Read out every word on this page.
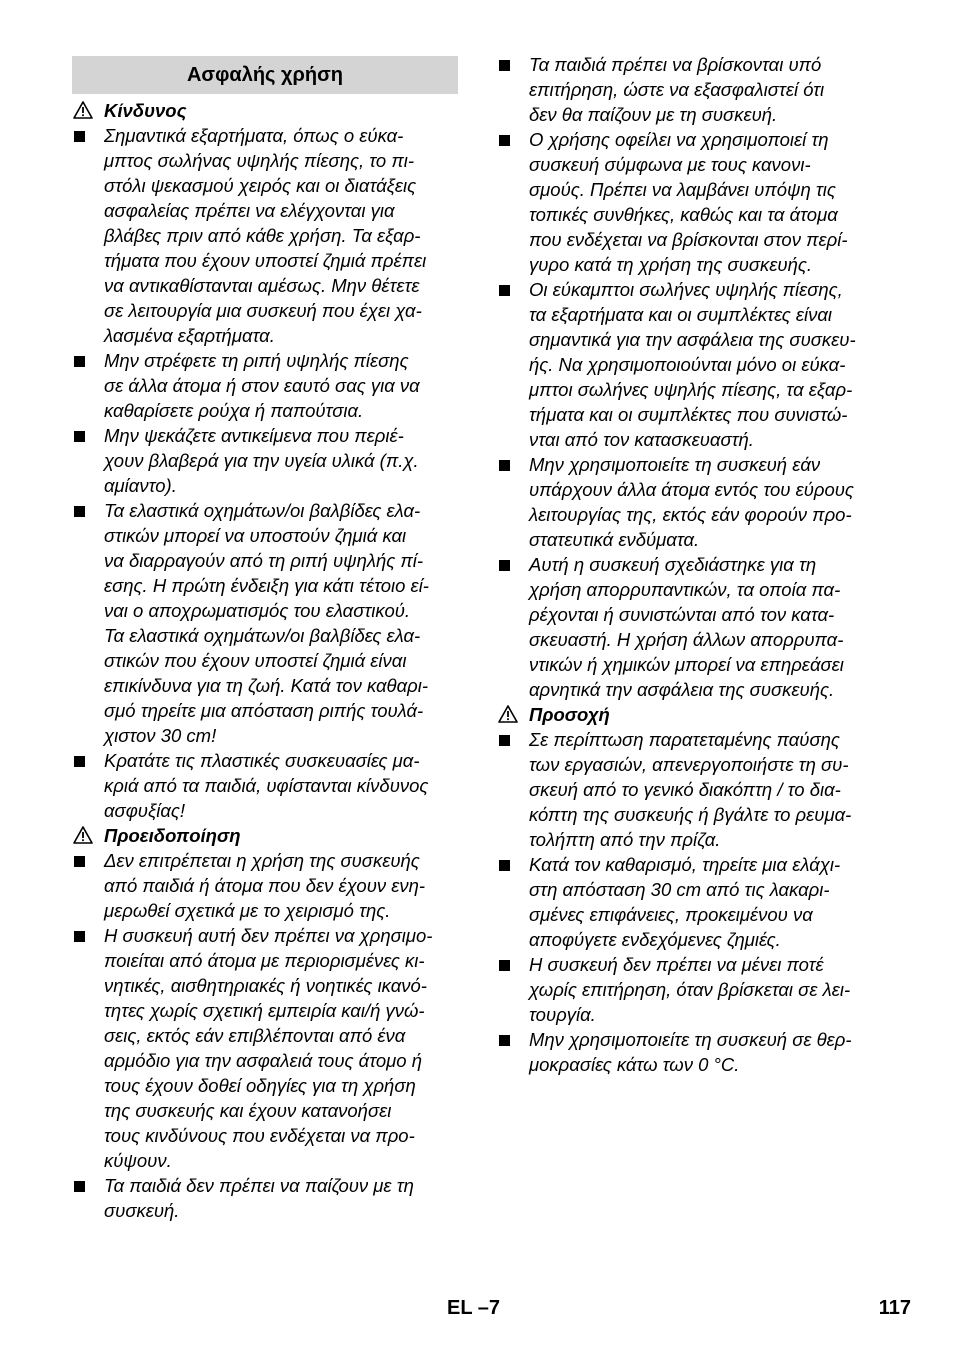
Ασφαλής χρήση
Κίνδυνος
Σημαντικά εξαρτήματα, όπως ο εύκα-
μπτος σωλήνας υψηλής πίεσης, το πι-
στόλι ψεκασμού χειρός και οι διατάξεις
ασφαλείας πρέπει να ελέγχονται για
βλάβες πριν από κάθε χρήση. Τα εξαρ-
τήματα που έχουν υποστεί ζημιά πρέπει
να αντικαθίστανται αμέσως. Μην θέτετε
σε λειτουργία μια συσκευή που έχει χα-
λασμένα εξαρτήματα.
Μην στρέφετε τη ριπή υψηλής πίεσης
σε άλλα άτομα ή στον εαυτό σας για να
καθαρίσετε ρούχα ή παπούτσια.
Μην ψεκάζετε αντικείμενα που περιέ-
χουν βλαβερά για την υγεία υλικά (π.χ.
αμίαντο).
Τα ελαστικά οχημάτων/οι βαλβίδες ελα-
στικών μπορεί να υποστούν ζημιά και
να διαρραγούν από τη ριπή υψηλής πί-
εσης. Η πρώτη ένδειξη για κάτι τέτοιο εί-
ναι ο αποχρωματισμός του ελαστικού.
Τα ελαστικά οχημάτων/οι βαλβίδες ελα-
στικών που έχουν υποστεί ζημιά είναι
επικίνδυνα για τη ζωή. Κατά τον καθαρι-
σμό τηρείτε μια απόσταση ριπής τουλά-
χιστον 30 cm!
Κρατάτε τις πλαστικές συσκευασίες μα-
κριά από τα παιδιά, υφίστανται κίνδυνος
ασφυξίας!
Προειδοποίηση
Δεν επιτρέπεται η χρήση της συσκευής
από παιδιά ή άτομα που δεν έχουν ενη-
μερωθεί σχετικά με το χειρισμό της.
Η συσκευή αυτή δεν πρέπει να χρησιμο-
ποιείται από άτομα με περιορισμένες κι-
νητικές, αισθητηριακές ή νοητικές ικανό-
τητες χωρίς σχετική εμπειρία και/ή γνώ-
σεις, εκτός εάν επιβλέπονται από ένα
αρμόδιο για την ασφαλειά τους άτομο ή
τους έχουν δοθεί οδηγίες για τη χρήση
της συσκευής και έχουν κατανοήσει
τους κινδύνους που ενδέχεται να προ-
κύψουν.
Τα παιδιά δεν πρέπει να παίζουν με τη
συσκευή.
Τα παιδιά πρέπει να βρίσκονται υπό
επιτήρηση, ώστε να εξασφαλιστεί ότι
δεν θα παίζουν με τη συσκευή.
Ο χρήσης οφείλει να χρησιμοποιεί τη
συσκευή σύμφωνα με τους κανονι-
σμούς. Πρέπει να λαμβάνει υπόψη τις
τοπικές συνθήκες, καθώς και τα άτομα
που ενδέχεται να βρίσκονται στον περί-
γυρο κατά τη χρήση της συσκευής.
Οι εύκαμπτοι σωλήνες υψηλής πίεσης,
τα εξαρτήματα και οι συμπλέκτες είναι
σημαντικά για την ασφάλεια της συσκευ-
ής. Να χρησιμοποιούνται μόνο οι εύκα-
μπτοι σωλήνες υψηλής πίεσης, τα εξαρ-
τήματα και οι συμπλέκτες που συνιστώ-
νται από τον κατασκευαστή.
Μην χρησιμοποιείτε τη συσκευή εάν
υπάρχουν άλλα άτομα εντός του εύρους
λειτουργίας της, εκτός εάν φορούν προ-
στατευτικά ενδύματα.
Αυτή η συσκευή σχεδιάστηκε για τη
χρήση απορρυπαντικών, τα οποία πα-
ρέχονται ή συνιστώνται από τον κατα-
σκευαστή. Η χρήση άλλων απορρυπα-
ντικών ή χημικών μπορεί να επηρεάσει
αρνητικά την ασφάλεια της συσκευής.
Προσοχή
Σε περίπτωση παρατεταμένης παύσης
των εργασιών, απενεργοποιήστε τη συ-
σκευή από το γενικό διακόπτη / το δια-
κόπτη της συσκευής ή βγάλτε το ρευμα-
τολήπτη από την πρίζα.
Κατά τον καθαρισμό, τηρείτε μια ελάχι-
στη απόσταση 30 cm από τις λακαρι-
σμένες επιφάνειες, προκειμένου να
αποφύγετε ενδεχόμενες ζημιές.
Η συσκευή δεν πρέπει να μένει ποτέ
χωρίς επιτήρηση, όταν βρίσκεται σε λει-
τουργία.
Μην χρησιμοποιείτε τη συσκευή σε θερ-
μοκρασίες κάτω των 0 °C.
EL –7	117
